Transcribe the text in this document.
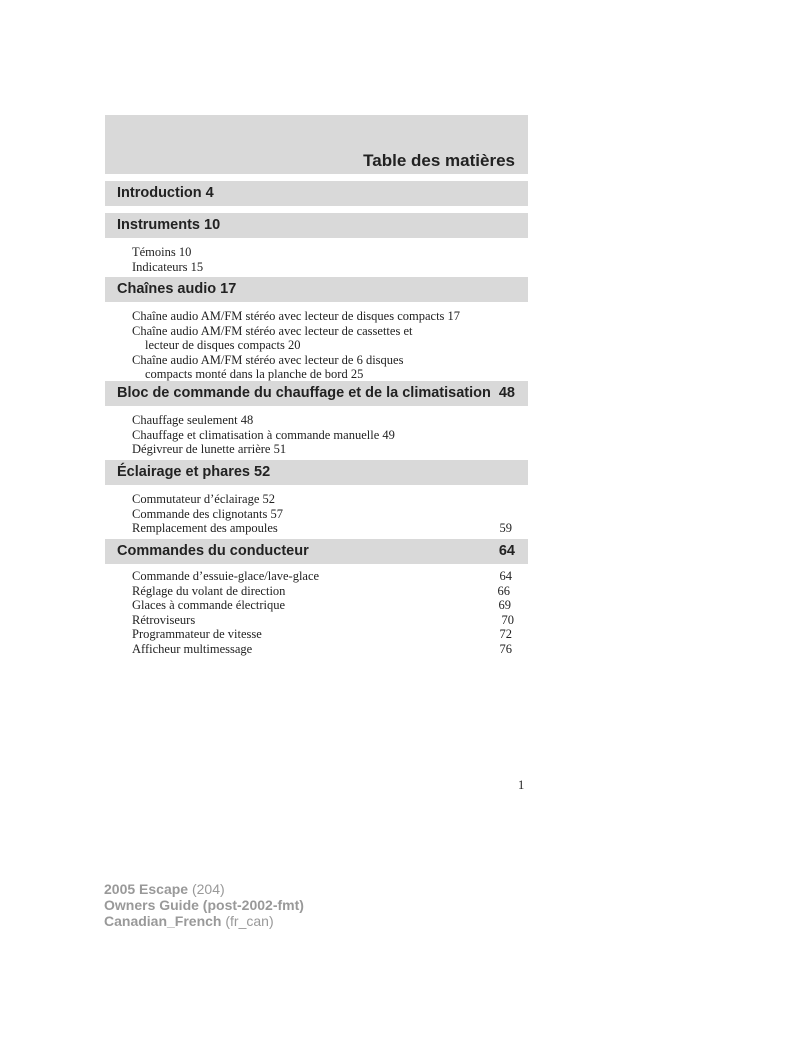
Table des matières
Introduction 4
Instruments 10
Témoins 10
Indicateurs 15
Chaînes audio 17
Chaîne audio AM/FM stéréo avec lecteur de disques compacts 17
Chaîne audio AM/FM stéréo avec lecteur de cassettes et
lecteur de disques compacts 20
Chaîne audio AM/FM stéréo avec lecteur de 6 disques
compacts monté dans la planche de bord 25
Bloc de commande du chauffage et de la climatisation 48
Chauffage seulement 48
Chauffage et climatisation à commande manuelle 49
Dégivreur de lunette arrière 51
Éclairage et phares 52
Commutateur d’éclairage 52
Commande des clignotants 57
Remplacement des ampoules	59
Commandes du conducteur	64
Commande d’essuie-glace/lave-glace	64
Réglage du volant de direction	66
Glaces à commande électrique	69
Rétroviseurs	70
Programmateur de vitesse	72
Afficheur multimessage	76
1
2005 Escape (204)
Owners Guide (post-2002-fmt)
Canadian_French (fr_can)
